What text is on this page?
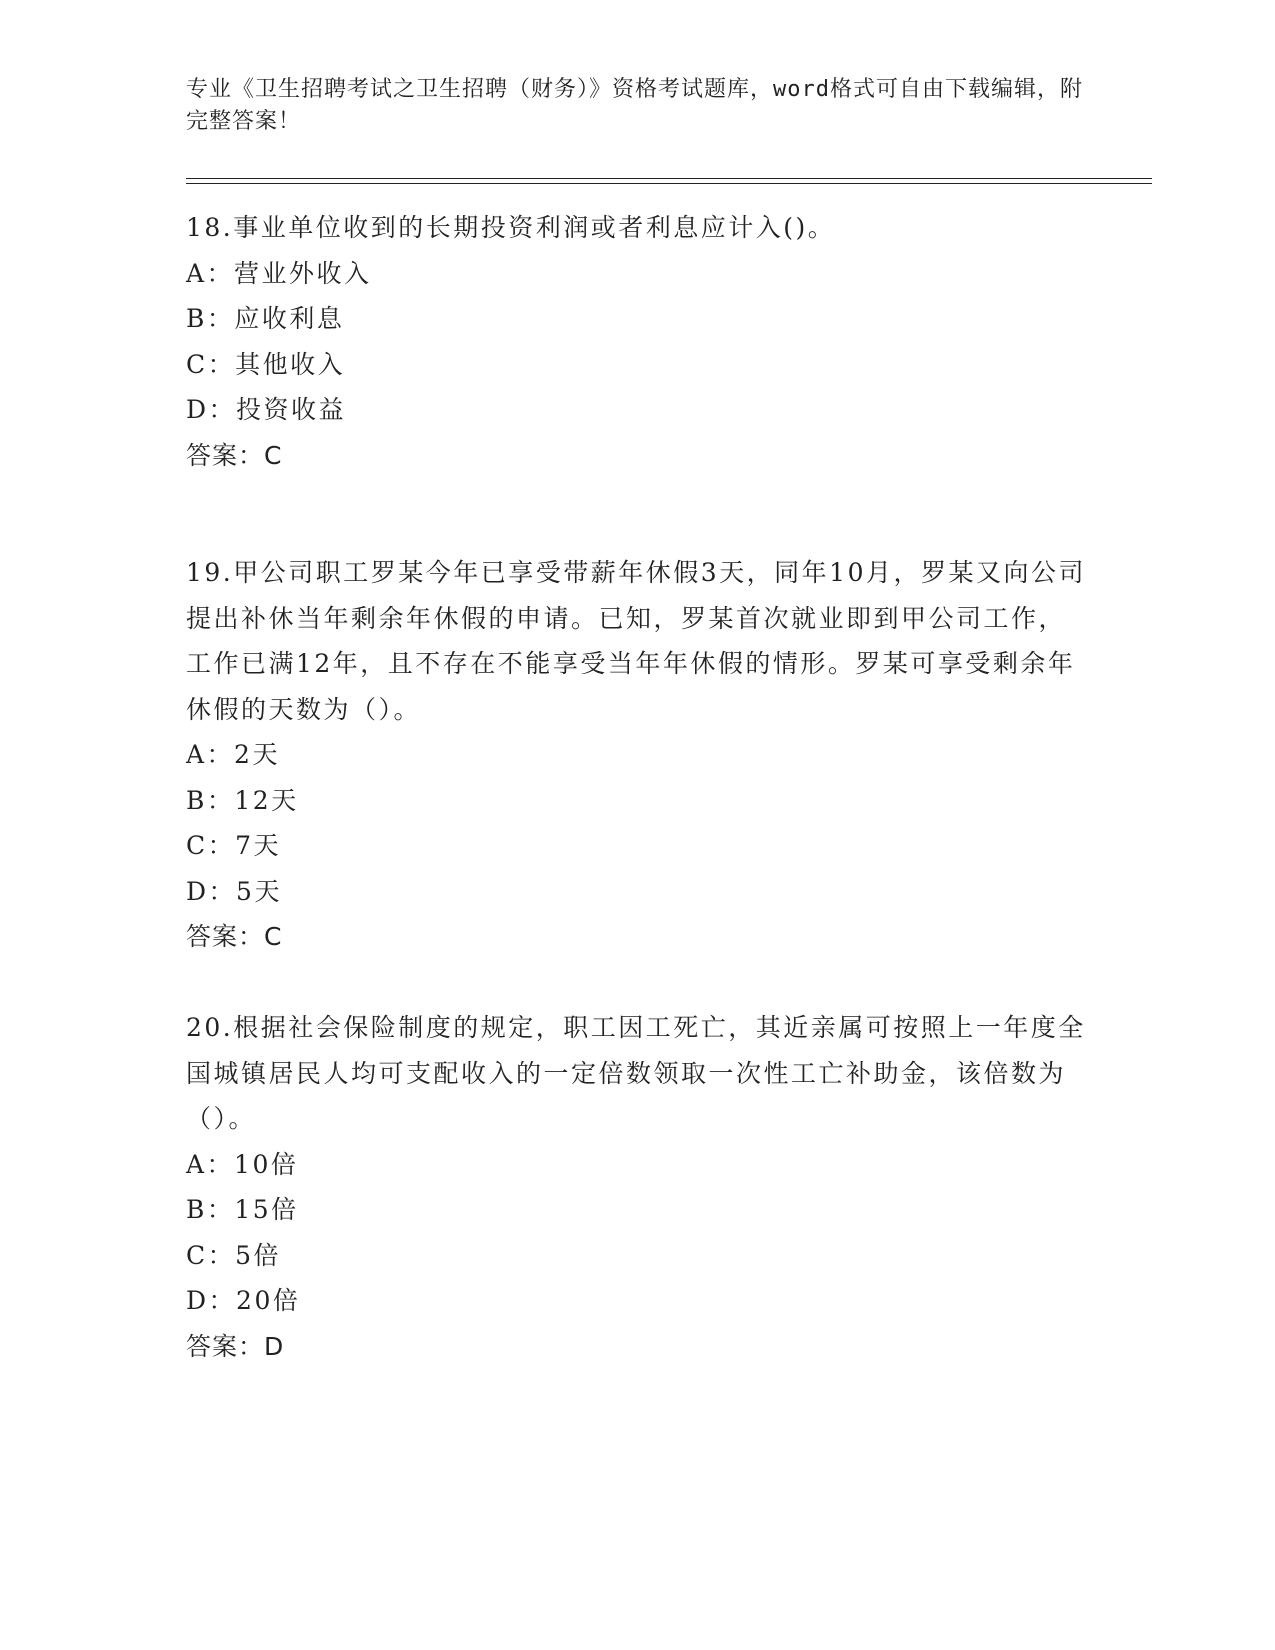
专业《卫生招聘考试之卫生招聘（财务）》资格考试题库，word格式可自由下载编辑，附完整答案！
18.事业单位收到的长期投资利润或者利息应计入()。
A：营业外收入
B：应收利息
C：其他收入
D：投资收益
答案：C
19.甲公司职工罗某今年已享受带薪年休假3天，同年10月，罗某又向公司提出补休当年剩余年休假的申请。已知，罗某首次就业即到甲公司工作，工作已满12年，且不存在不能享受当年年休假的情形。罗某可享受剩余年休假的天数为（）。
A：2天
B：12天
C：7天
D：5天
答案：C
20.根据社会保险制度的规定，职工因工死亡，其近亲属可按照上一年度全国城镇居民人均可支配收入的一定倍数领取一次性工亡补助金，该倍数为（）。
A：10倍
B：15倍
C：5倍
D：20倍
答案：D
